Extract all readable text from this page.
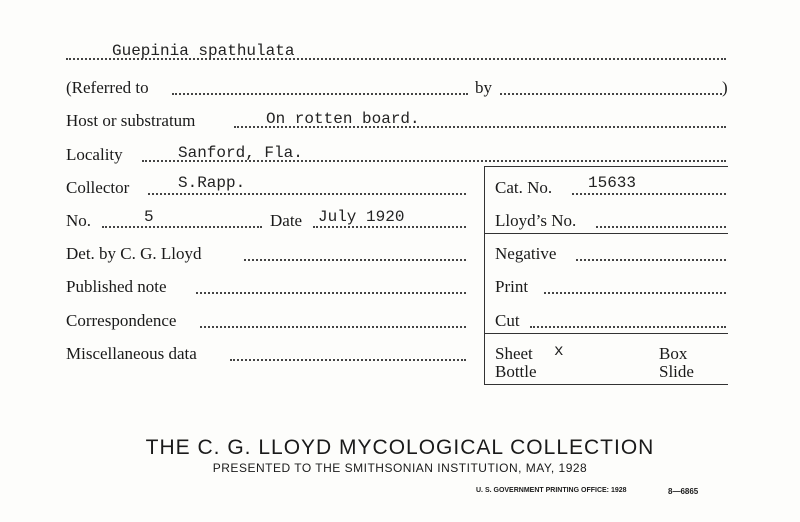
Guepinia spathulata
(Referred to	by	)
Host or substratum	On rotten board.
Locality	Sanford, Fla.
Collector	S.Rapp.
No.	5	Date July 1920
Det. by C. G. Lloyd
Published note
Correspondence
Miscellaneous data
Cat. No. 15633
Lloyd’s No.
Negative
Print
Cut
Sheet x	Box
Bottle	Slide
THE C. G. LLOYD MYCOLOGICAL COLLECTION
PRESENTED TO THE SMITHSONIAN INSTITUTION, MAY, 1928
U. S. GOVERNMENT PRINTING OFFICE: 1928	8—6865
